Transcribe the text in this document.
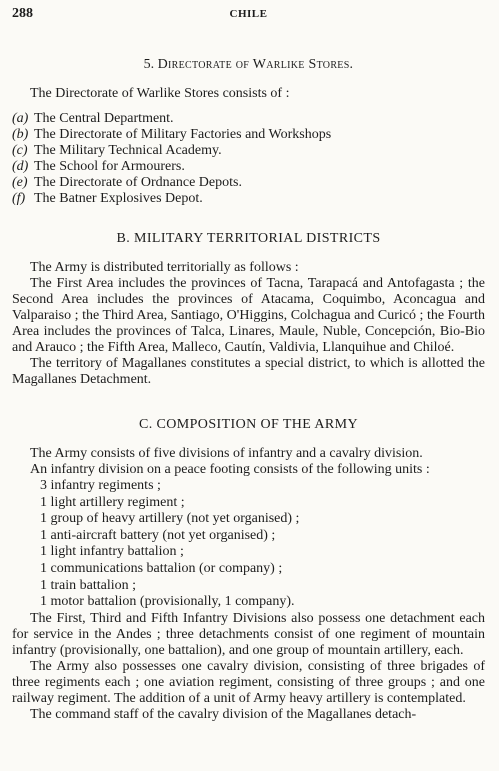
288	CHILE
5. Directorate of Warlike Stores.

The Directorate of Warlike Stores consists of :

(a) The Central Department.
(b) The Directorate of Military Factories and Workshops
(c) The Military Technical Academy.
(d) The School for Armourers.
(e) The Directorate of Ordnance Depots.
(f) The Batner Explosives Depot.
B. MILITARY TERRITORIAL DISTRICTS

The Army is distributed territorially as follows :

The First Area includes the provinces of Tacna, Tarapacá and Antofagasta ; the Second Area includes the provinces of Atacama, Coquimbo, Aconcagua and Valparaiso ; the Third Area, Santiago, O'Higgins, Colchagua and Curicó ; the Fourth Area includes the provinces of Talca, Linares, Maule, Nuble, Concepción, Bio-Bio and Arauco ; the Fifth Area, Malleco, Cautín, Valdivia, Llanquihue and Chiloé.

The territory of Magallanes constitutes a special district, to which is allotted the Magallanes Detachment.

C. COMPOSITION OF THE ARMY

The Army consists of five divisions of infantry and a cavalry division.

An infantry division on a peace footing consists of the following units :

3 infantry regiments ;
1 light artillery regiment ;
1 group of heavy artillery (not yet organised) ;
1 anti-aircraft battery (not yet organised) ;
1 light infantry battalion ;
1 communications battalion (or company) ;
1 train battalion ;
1 motor battalion (provisionally, 1 company).

The First, Third and Fifth Infantry Divisions also possess one detachment each for service in the Andes ; three detachments consist of one regiment of mountain infantry (provisionally, one battalion), and one group of mountain artillery, each.

The Army also possesses one cavalry division, consisting of three brigades of three regiments each ; one aviation regiment, consisting of three groups ; and one railway regiment. The addition of a unit of Army heavy artillery is contemplated.

The command staff of the cavalry division of the Magallanes detach-
